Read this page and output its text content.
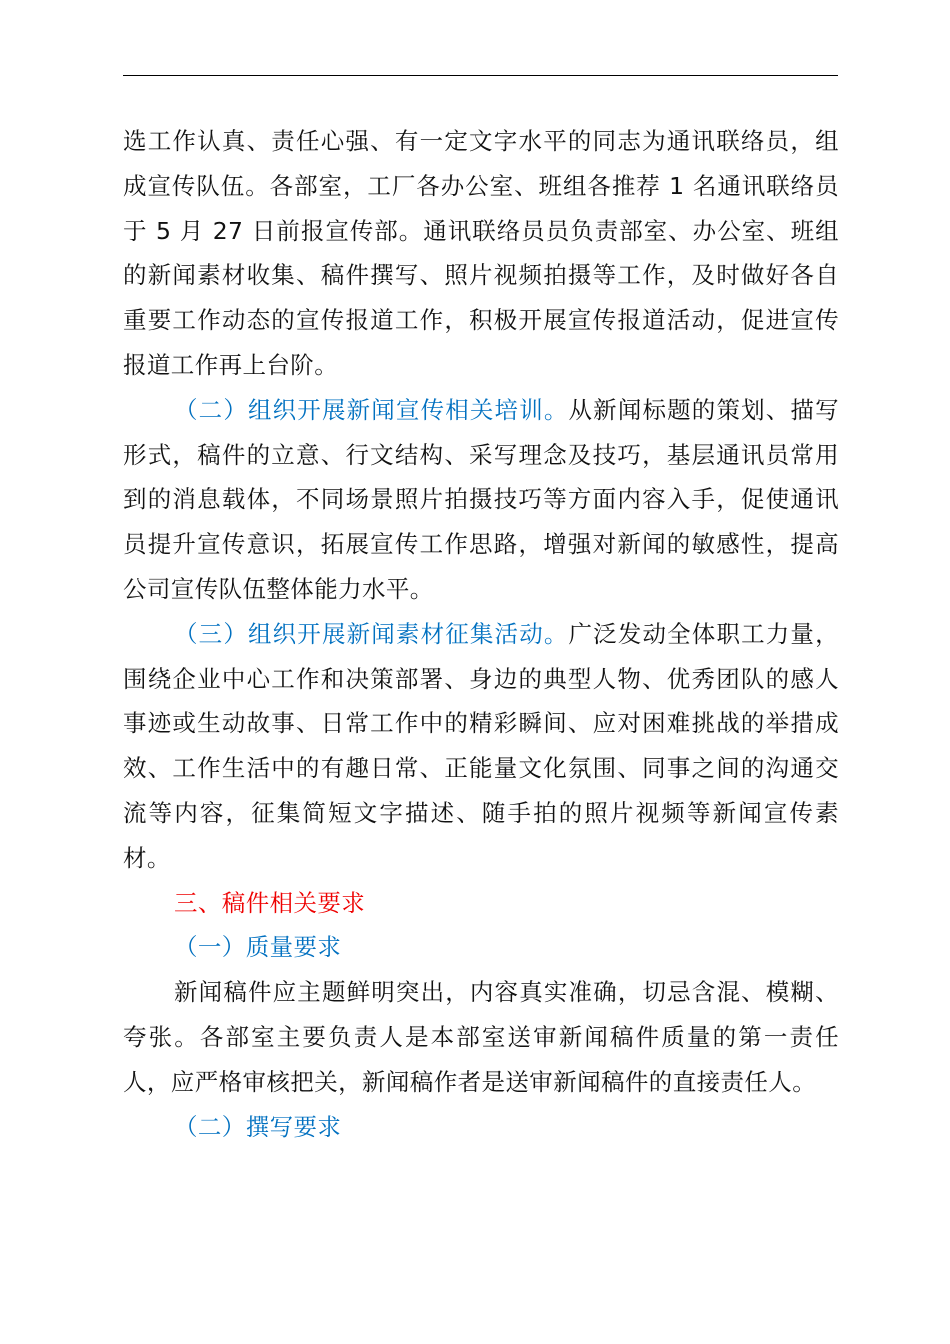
选工作认真、责任心强、有一定文字水平的同志为通讯联络员，组成宣传队伍。各部室，工厂各办公室、班组各推荐 1 名通讯联络员于 5 月 27 日前报宣传部。通讯联络员员负责部室、办公室、班组的新闻素材收集、稿件撰写、照片视频拍摄等工作，及时做好各自重要工作动态的宣传报道工作，积极开展宣传报道活动，促进宣传报道工作再上台阶。

（二）组织开展新闻宣传相关培训。从新闻标题的策划、描写形式，稿件的立意、行文结构、采写理念及技巧，基层通讯员常用到的消息载体，不同场景照片拍摄技巧等方面内容入手，促使通讯员提升宣传意识，拓展宣传工作思路，增强对新闻的敏感性，提高公司宣传队伍整体能力水平。

（三）组织开展新闻素材征集活动。广泛发动全体职工力量，围绕企业中心工作和决策部署、身边的典型人物、优秀团队的感人事迹或生动故事、日常工作中的精彩瞬间、应对困难挑战的举措成效、工作生活中的有趣日常、正能量文化氛围、同事之间的沟通交流等内容，征集简短文字描述、随手拍的照片视频等新闻宣传素材。

三、稿件相关要求

（一）质量要求

新闻稿件应主题鲜明突出，内容真实准确，切忌含混、模糊、夸张。各部室主要负责人是本部室送审新闻稿件质量的第一责任人，应严格审核把关，新闻稿作者是送审新闻稿件的直接责任人。

（二）撰写要求
